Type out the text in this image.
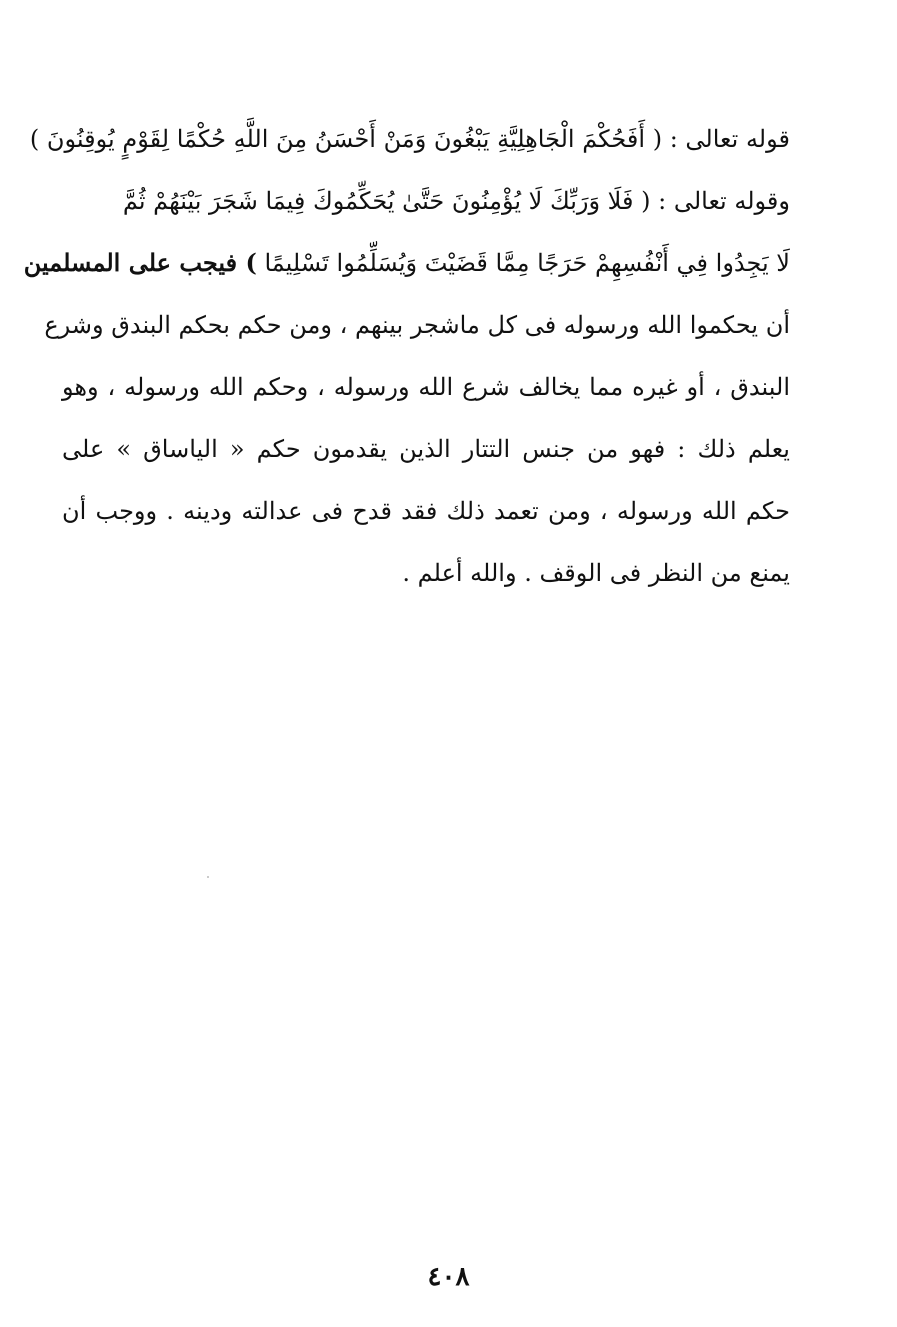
قوله تعالى : ( أَفَحُكْمَ الْجَاهِلِيَّةِ يَبْغُونَ وَمَنْ أَحْسَنُ مِنَ اللَّهِ حُكْمًا لِقَوْمٍ يُوقِنُونَ )
وقوله تعالى : ( فَلَا وَرَبِّكَ لَا يُؤْمِنُونَ حَتَّىٰ يُحَكِّمُوكَ فِيمَا شَجَرَ بَيْنَهُمْ ثُمَّ
لَا يَجِدُوا فِي أَنْفُسِهِمْ حَرَجًا مِمَّا قَضَيْتَ وَيُسَلِّمُوا تَسْلِيمًا ) فيجب على المسلمين
أن يحكموا الله ورسوله فى كل ماشجر بينهم ، ومن حكم بحكم البندق وشرع
البندق ، أو غيره مما يخالف شرع الله ورسوله ، وحكم الله ورسوله ، وهو
يعلم ذلك : فهو من جنس التتار الذين يقدمون حكم « الياساق » على
حكم الله ورسوله ، ومن تعمد ذلك فقد قدح فى عدالته ودينه . ووجب أن
يمنع من النظر فى الوقف . والله أعلم .
٤٠٨
